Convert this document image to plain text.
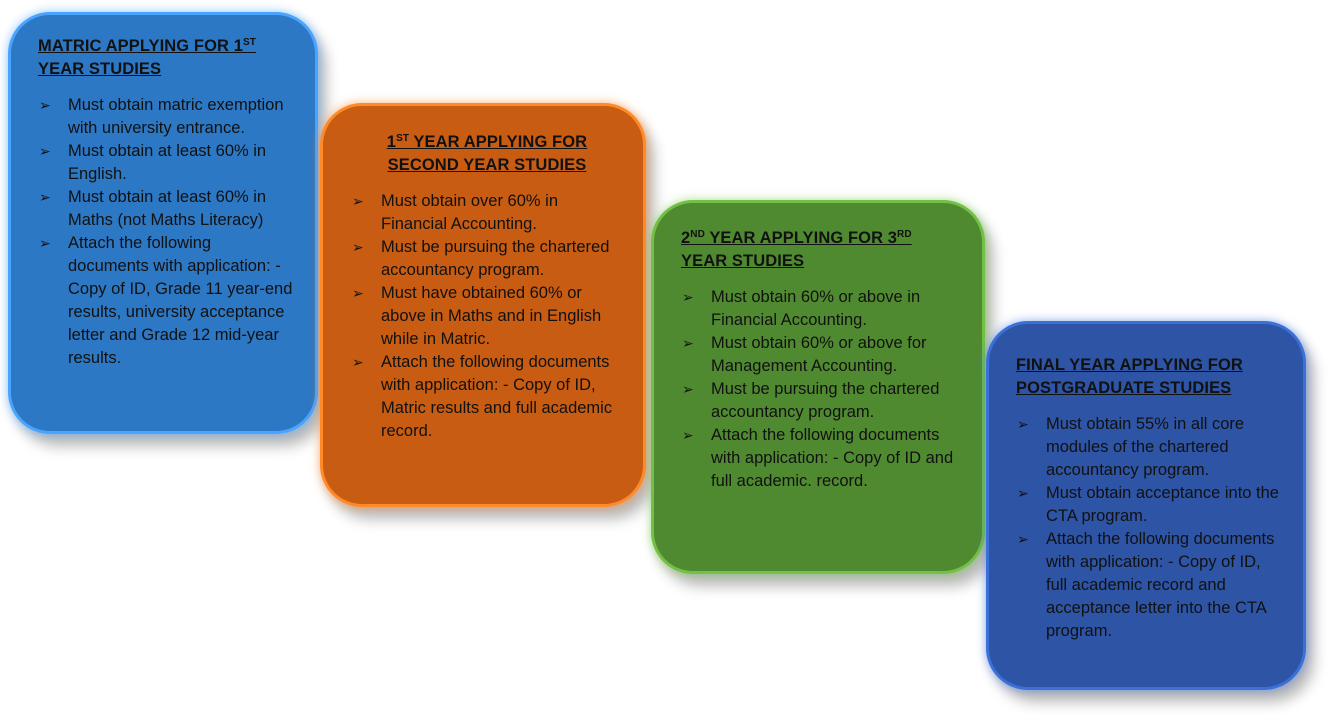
MATRIC APPLYING FOR 1ST YEAR STUDIES
➢ Must obtain matric exemption with university entrance.
➢ Must obtain at least 60% in English.
➢ Must obtain at least 60% in Maths (not Maths Literacy)
➢ Attach the following documents with application: - Copy of ID, Grade 11 year-end results, university acceptance letter and Grade 12 mid-year results.
1ST YEAR APPLYING FOR SECOND YEAR STUDIES
➢ Must obtain over 60% in Financial Accounting.
➢ Must be pursuing the chartered accountancy program.
➢ Must have obtained 60% or above in Maths and in English while in Matric.
➢ Attach the following documents with application: - Copy of ID, Matric results and full academic record.
2ND YEAR APPLYING FOR 3RD
YEAR STUDIES
➢ Must obtain 60% or above in Financial Accounting.
➢ Must obtain 60% or above for Management Accounting.
➢ Must be pursuing the chartered accountancy program.
➢ Attach the following documents with application: - Copy of ID and full academic. record.
FINAL YEAR APPLYING FOR POSTGRADUATE STUDIES
➢ Must obtain 55% in all core modules of the chartered accountancy program.
➢ Must obtain acceptance into the CTA program.
➢ Attach the following documents with application: - Copy of ID, full academic record and acceptance letter into the CTA program.
